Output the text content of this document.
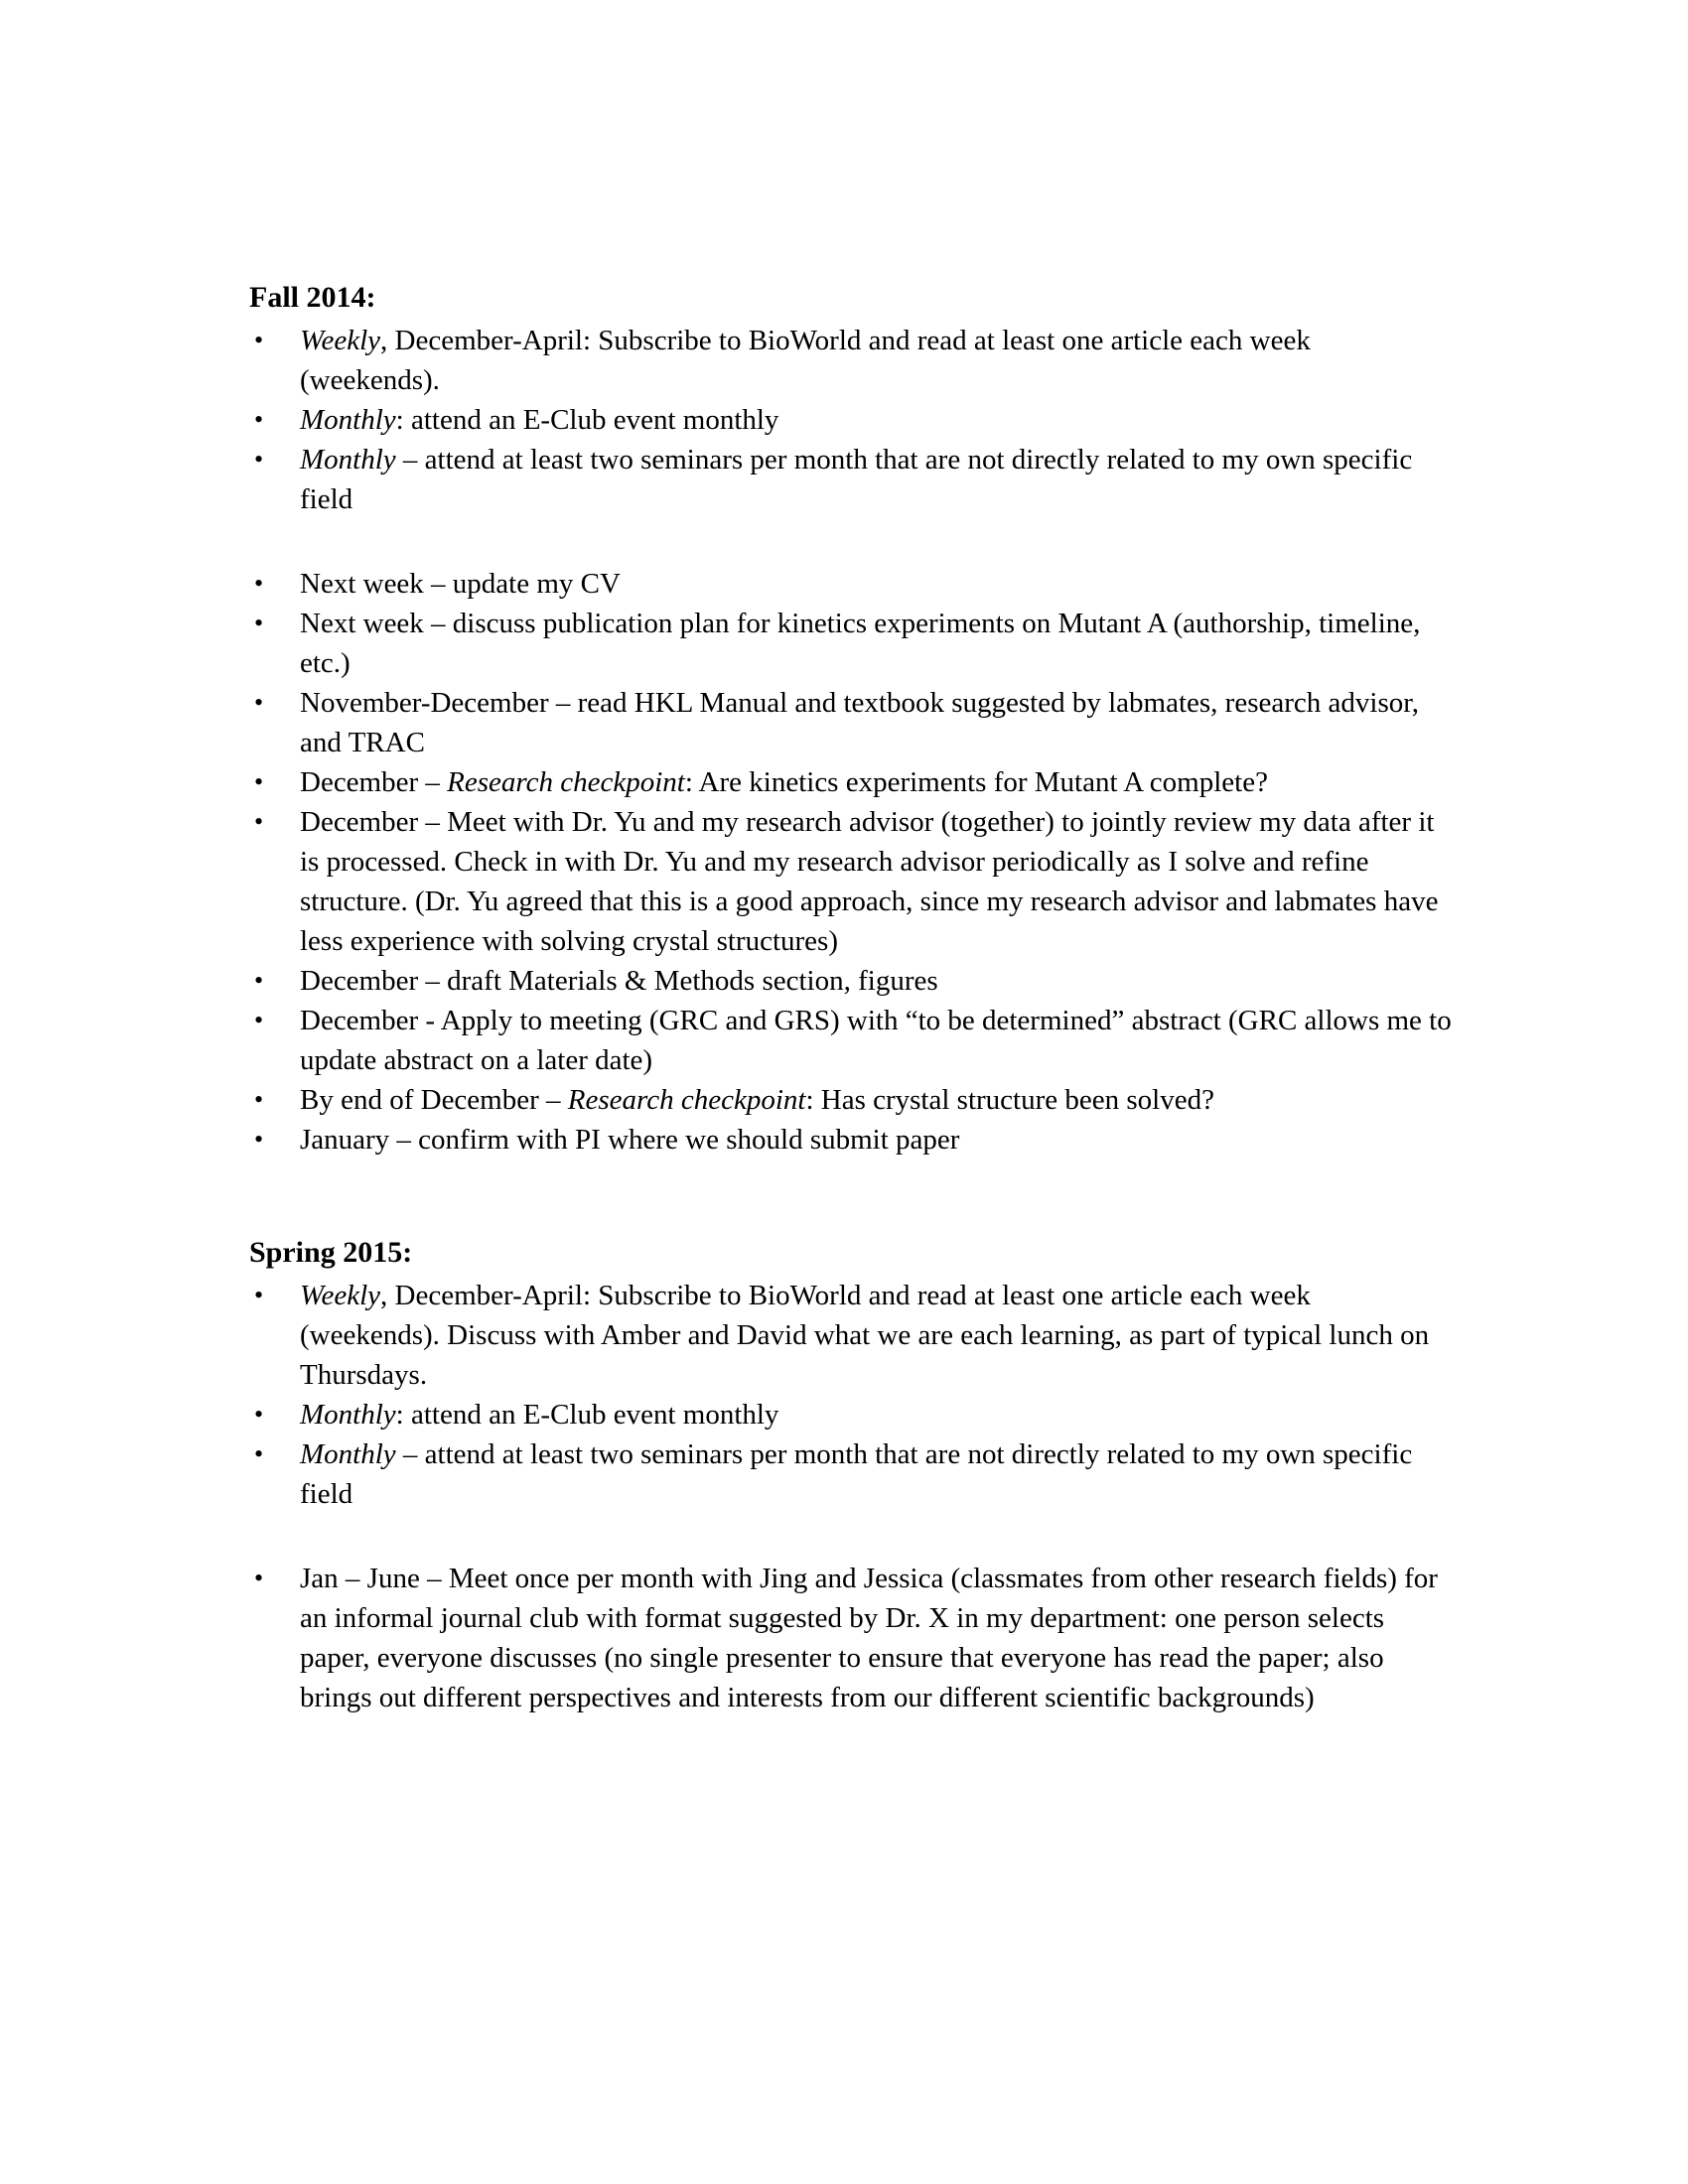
Fall 2014:
•	Weekly, December-April: Subscribe to BioWorld and read at least one article each week (weekends).
•	Monthly: attend an E-Club event monthly
•	Monthly – attend at least two seminars per month that are not directly related to my own specific field
•	Next week – update my CV
•	Next week – discuss publication plan for kinetics experiments on Mutant A (authorship, timeline, etc.)
•	November-December – read HKL Manual and textbook suggested by labmates, research advisor, and TRAC
•	December – Research checkpoint: Are kinetics experiments for Mutant A complete?
•	December – Meet with Dr. Yu and my research advisor (together) to jointly review my data after it is processed. Check in with Dr. Yu and my research advisor periodically as I solve and refine structure. (Dr. Yu agreed that this is a good approach, since my research advisor and labmates have less experience with solving crystal structures)
•	December – draft Materials & Methods section, figures
•	December - Apply to meeting (GRC and GRS) with “to be determined” abstract (GRC allows me to update abstract on a later date)
•	By end of December – Research checkpoint: Has crystal structure been solved?
•	January – confirm with PI where we should submit paper
Spring 2015:
•	Weekly, December-April: Subscribe to BioWorld and read at least one article each week (weekends). Discuss with Amber and David what we are each learning, as part of typical lunch on Thursdays.
•	Monthly: attend an E-Club event monthly
•	Monthly – attend at least two seminars per month that are not directly related to my own specific field
•	Jan – June – Meet once per month with Jing and Jessica (classmates from other research fields) for an informal journal club with format suggested by Dr. X in my department: one person selects paper, everyone discusses (no single presenter to ensure that everyone has read the paper; also brings out different perspectives and interests from our different scientific backgrounds)
